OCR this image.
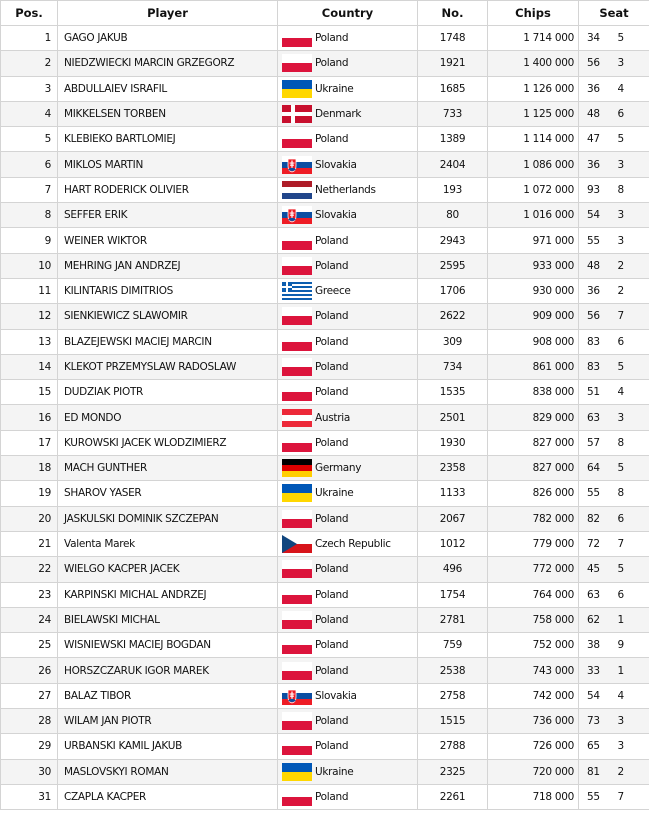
Pos.	Player	Country	No.	Chips	Seat	
1	GAGO JAKUB	Poland	1748	1 714 000	34	5
2	NIEDZWIECKI MARCIN GRZEGORZ	Poland	1921	1 400 000	56	3
3	ABDULLAIEV ISRAFIL	Ukraine	1685	1 126 000	36	4
4	MIKKELSEN TORBEN	Denmark	733	1 125 000	48	6
5	KLEBIEKO BARTLOMIEJ	Poland	1389	1 114 000	47	5
6	MIKLOS MARTIN	Slovakia	2404	1 086 000	36	3
7	HART RODERICK OLIVIER	Netherlands	193	1 072 000	93	8
8	SEFFER ERIK	Slovakia	80	1 016 000	54	3
9	WEINER WIKTOR	Poland	2943	971 000	55	3
10	MEHRING JAN ANDRZEJ	Poland	2595	933 000	48	2
11	KILINTARIS DIMITRIOS	Greece	1706	930 000	36	2
12	SIENKIEWICZ SLAWOMIR	Poland	2622	909 000	56	7
13	BLAZEJEWSKI MACIEJ MARCIN	Poland	309	908 000	83	6
14	KLEKOT PRZEMYSLAW RADOSLAW	Poland	734	861 000	83	5
15	DUDZIAK PIOTR	Poland	1535	838 000	51	4
16	ED MONDO	Austria	2501	829 000	63	3
17	KUROWSKI JACEK WLODZIMIERZ	Poland	1930	827 000	57	8
18	MACH GUNTHER	Germany	2358	827 000	64	5
19	SHAROV YASER	Ukraine	1133	826 000	55	8
20	JASKULSKI DOMINIK SZCZEPAN	Poland	2067	782 000	82	6
21	Valenta Marek	Czech Republic	1012	779 000	72	7
22	WIELGO KACPER JACEK	Poland	496	772 000	45	5
23	KARPINSKI MICHAL ANDRZEJ	Poland	1754	764 000	63	6
24	BIELAWSKI MICHAL	Poland	2781	758 000	62	1
25	WISNIEWSKI MACIEJ BOGDAN	Poland	759	752 000	38	9
26	HORSZCZARUK IGOR MAREK	Poland	2538	743 000	33	1
27	BALAZ TIBOR	Slovakia	2758	742 000	54	4
28	WILAM JAN PIOTR	Poland	1515	736 000	73	3
29	URBANSKI KAMIL JAKUB	Poland	2788	726 000	65	3
30	MASLOVSKYI ROMAN	Ukraine	2325	720 000	81	2
31	CZAPLA KACPER	Poland	2261	718 000	55	7
